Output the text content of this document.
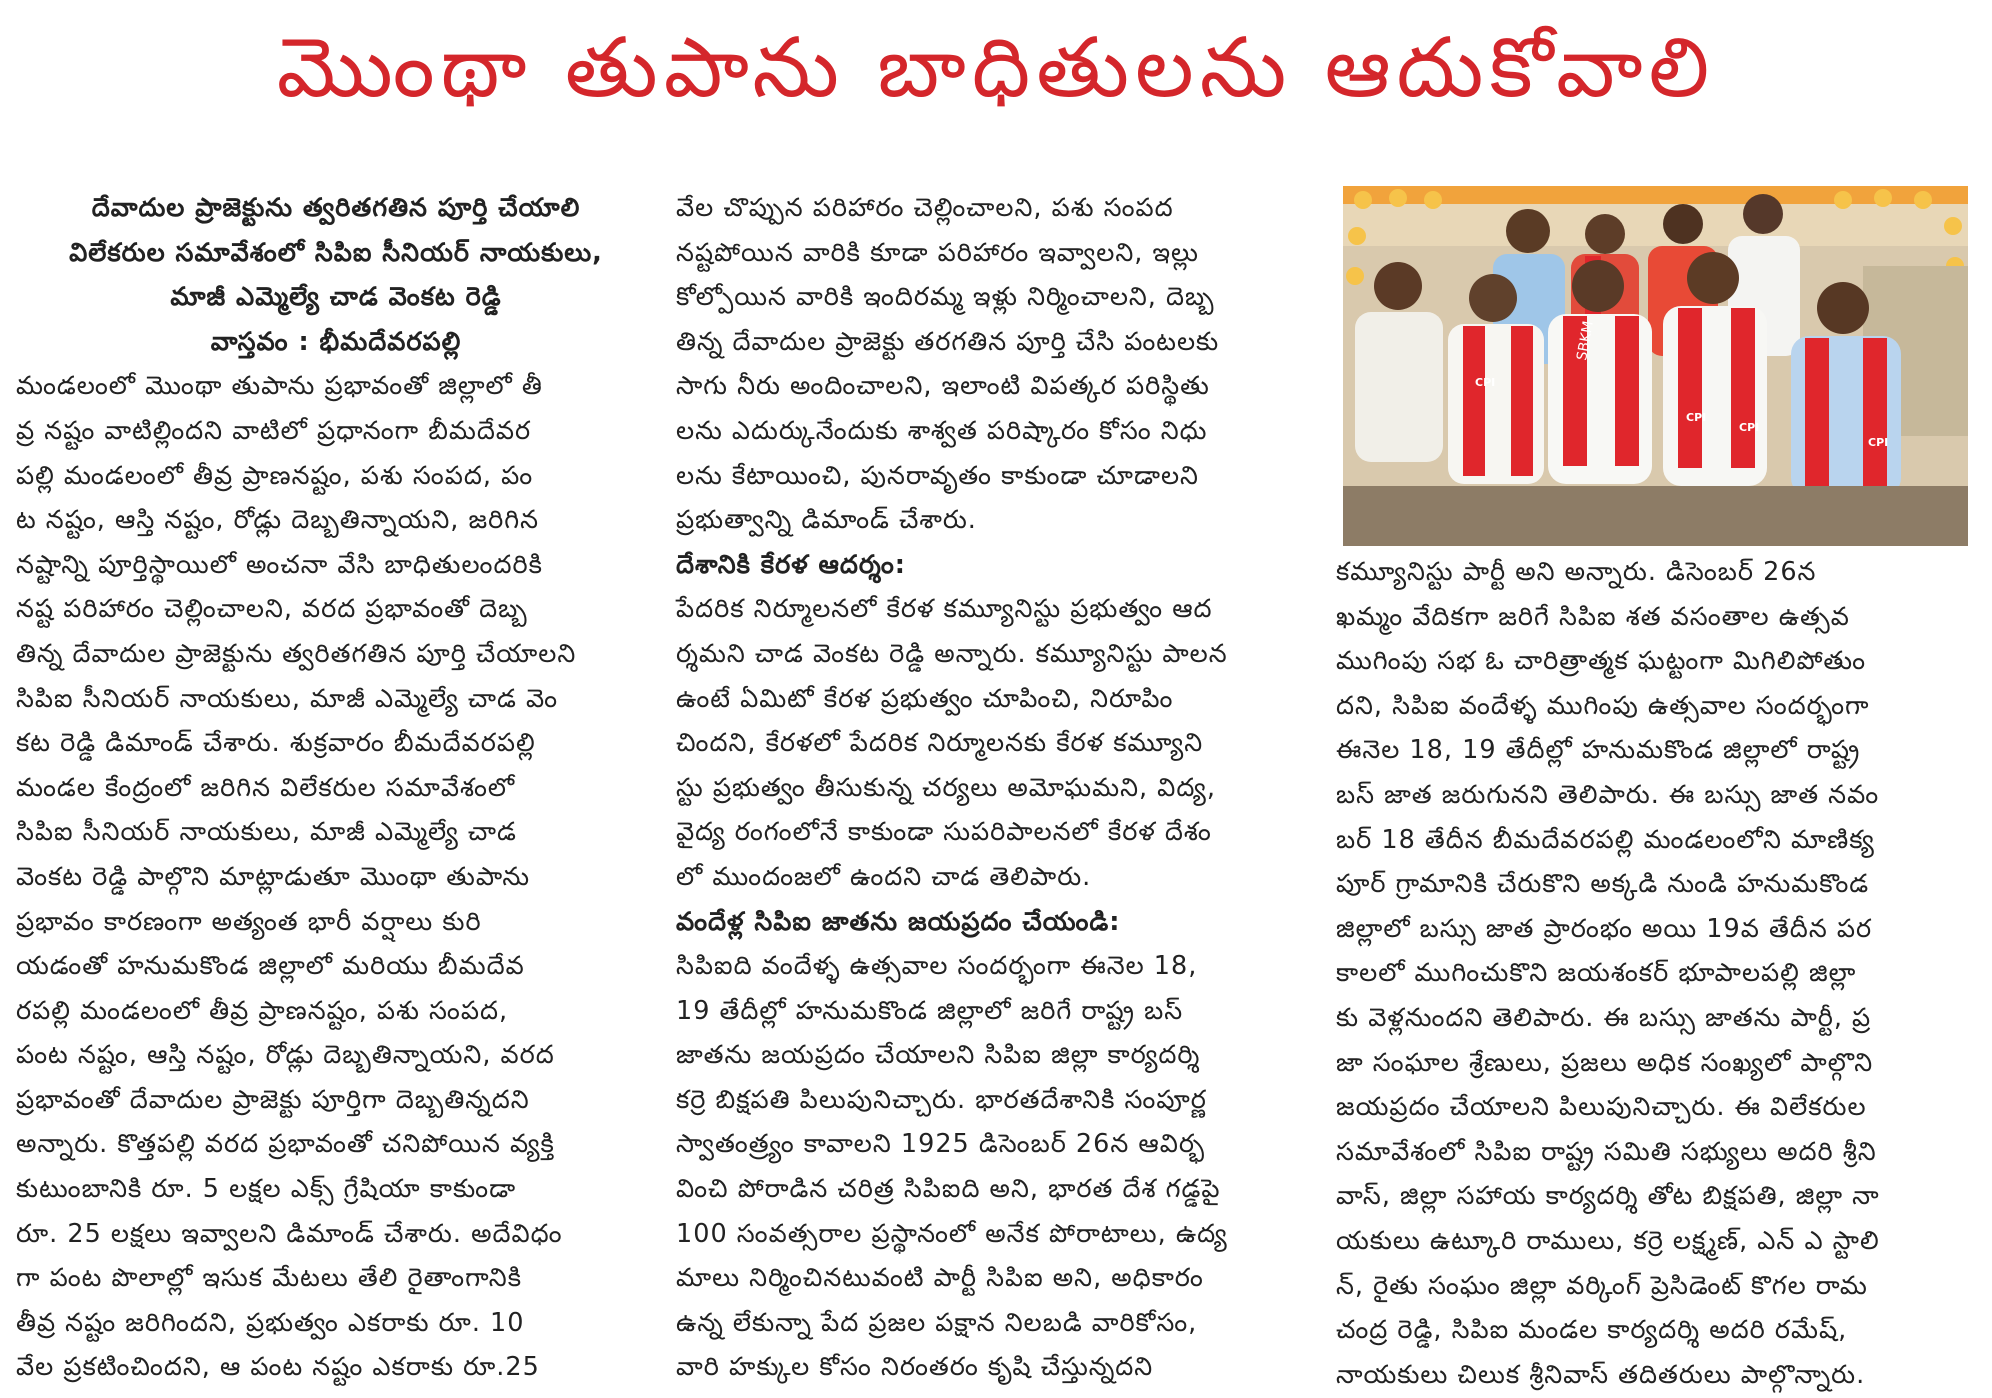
మొంథా తుపాను బాధితులను ఆదుకోవాలి
దేవాదుల ప్రాజెక్టును త్వరితగతిన పూర్తి చేయాలి
విలేకరుల సమావేశంలో సిపిఐ సీనియర్ నాయకులు,
మాజీ ఎమ్మెల్యే చాడ వెంకట రెడ్డి
వాస్తవం : భీమదేవరపల్లి
మండలంలో మొంథా తుపాను ప్రభావంతో జిల్లాలో తీ
వ్ర నష్టం వాటిల్లిందని వాటిలో ప్రధానంగా బీమదేవర
పల్లి మండలంలో తీవ్ర ప్రాణనష్టం, పశు సంపద, పం
ట నష్టం, ఆస్తి నష్టం, రోడ్లు దెబ్బతిన్నాయని, జరిగిన
నష్టాన్ని పూర్తిస్థాయిలో అంచనా వేసి బాధితులందరికి
నష్ట పరిహారం చెల్లించాలని, వరద ప్రభావంతో దెబ్బ
తిన్న దేవాదుల ప్రాజెక్టును త్వరితగతిన పూర్తి చేయాలని
సిపిఐ సీనియర్ నాయకులు, మాజీ ఎమ్మెల్యే చాడ వెం
కట రెడ్డి డిమాండ్ చేశారు. శుక్రవారం బీమదేవరపల్లి
మండల కేంద్రంలో జరిగిన విలేకరుల సమావేశంలో
సిపిఐ సీనియర్ నాయకులు, మాజీ ఎమ్మెల్యే చాడ
వెంకట రెడ్డి పాల్గొని మాట్లాడుతూ మొంథా తుపాను
ప్రభావం కారణంగా అత్యంత భారీ వర్షాలు కురి
యడంతో హనుమకొండ జిల్లాలో మరియు బీమదేవ
రపల్లి మండలంలో తీవ్ర ప్రాణనష్టం, పశు సంపద,
పంట నష్టం, ఆస్తి నష్టం, రోడ్లు దెబ్బతిన్నాయని, వరద
ప్రభావంతో దేవాదుల ప్రాజెక్టు పూర్తిగా దెబ్బతిన్నదని
అన్నారు. కొత్తపల్లి వరద ప్రభావంతో చనిపోయిన వ్యక్తి
కుటుంబానికి రూ. 5 లక్షల ఎక్స్ గ్రేషియా కాకుండా
రూ. 25 లక్షలు ఇవ్వాలని డిమాండ్ చేశారు. అదేవిధం
గా పంట పొలాల్లో ఇసుక మేటలు తేలి రైతాంగానికి
తీవ్ర నష్టం జరిగిందని, ప్రభుత్వం ఎకరాకు రూ. 10
వేల ప్రకటించిందని, ఆ పంట నష్టం ఎకరాకు రూ.25
వేల చొప్పున పరిహారం చెల్లించాలని, పశు సంపద
నష్టపోయిన వారికి కూడా పరిహారం ఇవ్వాలని, ఇల్లు
కోల్పోయిన వారికి ఇందిరమ్మ ఇళ్లు నిర్మించాలని, దెబ్బ
తిన్న దేవాదుల ప్రాజెక్టు తరగతిన పూర్తి చేసి పంటలకు
సాగు నీరు అందించాలని, ఇలాంటి విపత్కర పరిస్థితు
లను ఎదుర్కునేందుకు శాశ్వత పరిష్కారం కోసం నిధు
లను కేటాయించి, పునరావృతం కాకుండా చూడాలని
ప్రభుత్వాన్ని డిమాండ్ చేశారు.
దేశానికి కేరళ ఆదర్శం:
పేదరిక నిర్మూలనలో కేరళ కమ్యూనిస్టు ప్రభుత్వం ఆద
ర్శమని చాడ వెంకట రెడ్డి అన్నారు. కమ్యూనిస్టు పాలన
ఉంటే ఏమిటో కేరళ ప్రభుత్వం చూపించి, నిరూపిం
చిందని, కేరళలో పేదరిక నిర్మూలనకు కేరళ కమ్యూని
స్టు ప్రభుత్వం తీసుకున్న చర్యలు అమోఘమని, విద్య,
వైద్య రంగంలోనే కాకుండా సుపరిపాలనలో కేరళ దేశం
లో ముందంజలో ఉందని చాడ తెలిపారు.
వందేళ్ల సిపిఐ జాతను జయప్రదం చేయండి:
సిపిఐది వందేళ్ళ ఉత్సవాల సందర్భంగా ఈనెల 18,
19 తేదీల్లో హనుమకొండ జిల్లాలో జరిగే రాష్ట్ర బస్
జాతను జయప్రదం చేయాలని సిపిఐ జిల్లా కార్యదర్శి
కర్రె బిక్షపతి పిలుపునిచ్చారు. భారతదేశానికి సంపూర్ణ
స్వాతంత్ర్యం కావాలని 1925 డిసెంబర్ 26న ఆవిర్భ
వించి పోరాడిన చరిత్ర సిపిఐది అని, భారత దేశ గడ్డపై
100 సంవత్సరాల ప్రస్థానంలో అనేక పోరాటాలు, ఉద్య
మాలు నిర్మించినటువంటి పార్టీ సిపిఐ అని, అధికారం
ఉన్న లేకున్నా పేద ప్రజల పక్షాన నిలబడి వారికోసం,
వారి హక్కుల కోసం నిరంతరం కృషి చేస్తున్నదని
SBKM
CPI
CPI
CPI
CPI
కమ్యూనిస్టు పార్టీ అని అన్నారు. డిసెంబర్ 26న
ఖమ్మం వేదికగా జరిగే సిపిఐ శత వసంతాల ఉత్సవ
ముగింపు సభ ఓ చారిత్రాత్మక ఘట్టంగా మిగిలిపోతుం
దని, సిపిఐ వందేళ్ళ ముగింపు ఉత్సవాల సందర్భంగా
ఈనెల 18, 19 తేదీల్లో హనుమకొండ జిల్లాలో రాష్ట్ర
బస్ జాత జరుగునని తెలిపారు. ఈ బస్సు జాత నవం
బర్ 18 తేదీన బీమదేవరపల్లి మండలంలోని మాణిక్య
పూర్ గ్రామానికి చేరుకొని అక్కడి నుండి హనుమకొండ
జిల్లాలో బస్సు జాత ప్రారంభం అయి 19వ తేదీన పర
కాలలో ముగించుకొని జయశంకర్ భూపాలపల్లి జిల్లా
కు వెళ్లనుందని తెలిపారు. ఈ బస్సు జాతను పార్టీ, ప్ర
జా సంఘాల శ్రేణులు, ప్రజలు అధిక సంఖ్యలో పాల్గొని
జయప్రదం చేయాలని పిలుపునిచ్చారు. ఈ విలేకరుల
సమావేశంలో సిపిఐ రాష్ట్ర సమితి సభ్యులు అదరి శ్రీని
వాస్, జిల్లా సహాయ కార్యదర్శి తోట బిక్షపతి, జిల్లా నా
యకులు ఉట్కూరి రాములు, కర్రె లక్ష్మణ్, ఎన్ ఎ స్టాలి
న్, రైతు సంఘం జిల్లా వర్కింగ్ ప్రెసిడెంట్ కొగల రామ
చంద్ర రెడ్డి, సిపిఐ మండల కార్యదర్శి అదరి రమేష్,
నాయకులు చిలుక శ్రీనివాస్ తదితరులు పాల్గొన్నారు.
